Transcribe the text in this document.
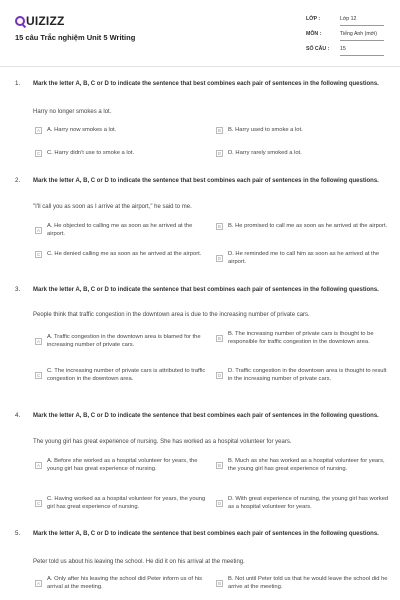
UIZIZZ
15 câu Trắc nghiệm Unit 5 Writing
LỚP :	Lớp 12
MÔN :	Tiếng Anh (mới)
SỐ CÂU :	15
1. Mark the letter A, B, C or D to indicate the sentence that best combines each pair of sentences in the following questions.
Harry no longer smokes a lot.
A	A. Harry now smokes a lot.	B	B. Harry used to smoke a lot.
C	C. Harry didn't use to smoke a lot.	D	D. Harry rarely smoked a lot.
2. Mark the letter A, B, C or D to indicate the sentence that best combines each pair of sentences in the following questions.
"I'll call you as soon as I arrive at the airport," he said to me.
A
A. He objected to calling me as soon as he arrived at the airport.
B	B. He promised to call me as soon as he arrived at the airport.
C	C. He denied calling me as soon as he arrived at the airport.
D
D. He reminded me to call him as soon as he arrived at the airport.
3. Mark the letter A, B, C or D to indicate the sentence that best combines each pair of sentences in the following questions.
People think that traffic congestion in the downtown area is due to the increasing number of private cars.
A
A. Traffic congestion in the downtown area is blamed for the increasing number of private cars.
B
B. The increasing number of private cars is thought to be responsible for traffic congestion in the downtown area.
C
C. The increasing number of private cars is attributed to traffic congestion in the downtown area.	D
D. Traffic congestion in the downtown area is thought to result in the increasing number of private cars.
4. Mark the letter A, B, C or D to indicate the sentence that best combines each pair of sentences in the following questions.
The young girl has great experience of nursing. She has worked as a hospital volunteer for years.
A
A. Before she worked as a hospital volunteer for years, the young girl has great experience of nursing.	B
B. Much as she has worked as a hospital volunteer for years, the young girl has great experience of nursing.
C
C. Having worked as a hospital volunteer for years, the young girl has great experience of nursing.	D
D. With great experience of nursing, the young girl has worked as a hospital volunteer for years.
5. Mark the letter A, B, C or D to indicate the sentence that best combines each pair of sentences in the following questions.
Peter told us about his leaving the school. He did it on his arrival at the meeting.
A
A. Only after his leaving the school did Peter inform us of his arrival at the meeting.	B
B. Not until Peter told us that he would leave the school did he arrive at the meeting.
